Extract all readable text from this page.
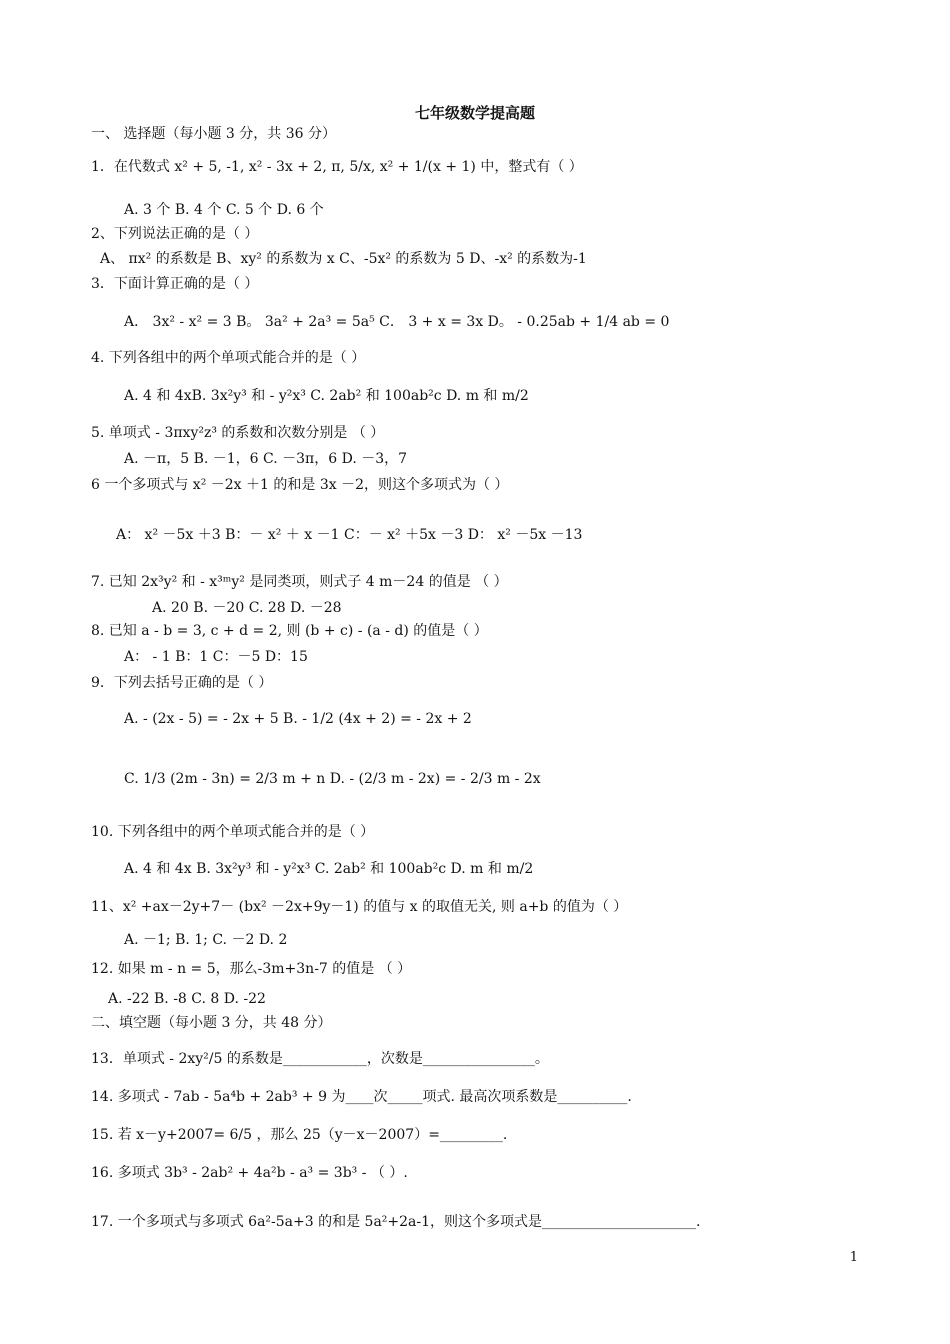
七年级数学提高题
一、 选择题（每小题 3 分，共 36 分）
1．在代数式 x² + 5, -1, x² - 3x + 2, π, 5/x, x² + 1/(x + 1) 中，整式有（ ）
A. 3 个 B. 4 个 C. 5 个 D. 6 个
2、下列说法正确的是（ ）
A、 πx² 的系数是 B、xy² 的系数为 x C、-5x² 的系数为 5 D、-x² 的系数为-1
3．下面计算正确的是（ ）
A． 3x² - x² = 3 B。 3a² + 2a³ = 5a⁵ C． 3 + x = 3x D。 - 0.25ab + 1/4 ab = 0
4. 下列各组中的两个单项式能合并的是（ ）
A. 4 和 4xB. 3x²y³ 和 - y²x³ C. 2ab² 和 100ab²c D. m 和 m/2
5. 单项式 - 3πxy²z³ 的系数和次数分别是 （ ）
A. －π，5 B. －1，6 C. －3π，6 D. －3，7
6 一个多项式与 x² －2x ＋1 的和是 3x －2，则这个多项式为（ ）
A： x² －5x ＋3 B：－ x² ＋ x －1 C：－ x² ＋5x －3 D： x² －5x －13
7. 已知 2x³y² 和 - x³ᵐy² 是同类项，则式子 4 m－24 的值是 （ ）
A. 20 B. －20 C. 28 D. －28
8. 已知 a - b = 3, c + d = 2, 则 (b + c) - (a - d) 的值是（ ）
A： - 1 B：1 C：－5 D：15
9．下列去括号正确的是（ ）
A. - (2x - 5) = - 2x + 5 B. - 1/2 (4x + 2) = - 2x + 2
C. 1/3 (2m - 3n) = 2/3 m + n D. - (2/3 m - 2x) = - 2/3 m - 2x
10. 下列各组中的两个单项式能合并的是（ ）
A. 4 和 4x B. 3x²y³ 和 - y²x³ C. 2ab² 和 100ab²c D. m 和 m/2
11、x² +ax－2y+7－ (bx² －2x+9y－1) 的值与 x 的取值无关, 则 a+b 的值为（ ）
A. －1; B. 1; C. －2 D. 2
12. 如果 m - n = 5，那么-3m+3n-7 的值是 （ ）
A. -22 B. -8 C. 8 D. -22
二、填空题（每小题 3 分，共 48 分）
13．单项式 - 2xy²/5 的系数是____________，次数是________________。
14. 多项式 - 7ab - 5a⁴b + 2ab³ + 9 为____次_____项式. 最高次项系数是__________.
15. 若 x－y+2007= 6/5 ，那么 25（y－x－2007）=_________.
16. 多项式 3b³ - 2ab² + 4a²b - a³ = 3b³ - （ ）.
17. 一个多项式与多项式 6a²-5a+3 的和是 5a²+2a-1，则这个多项式是______________________.
1
